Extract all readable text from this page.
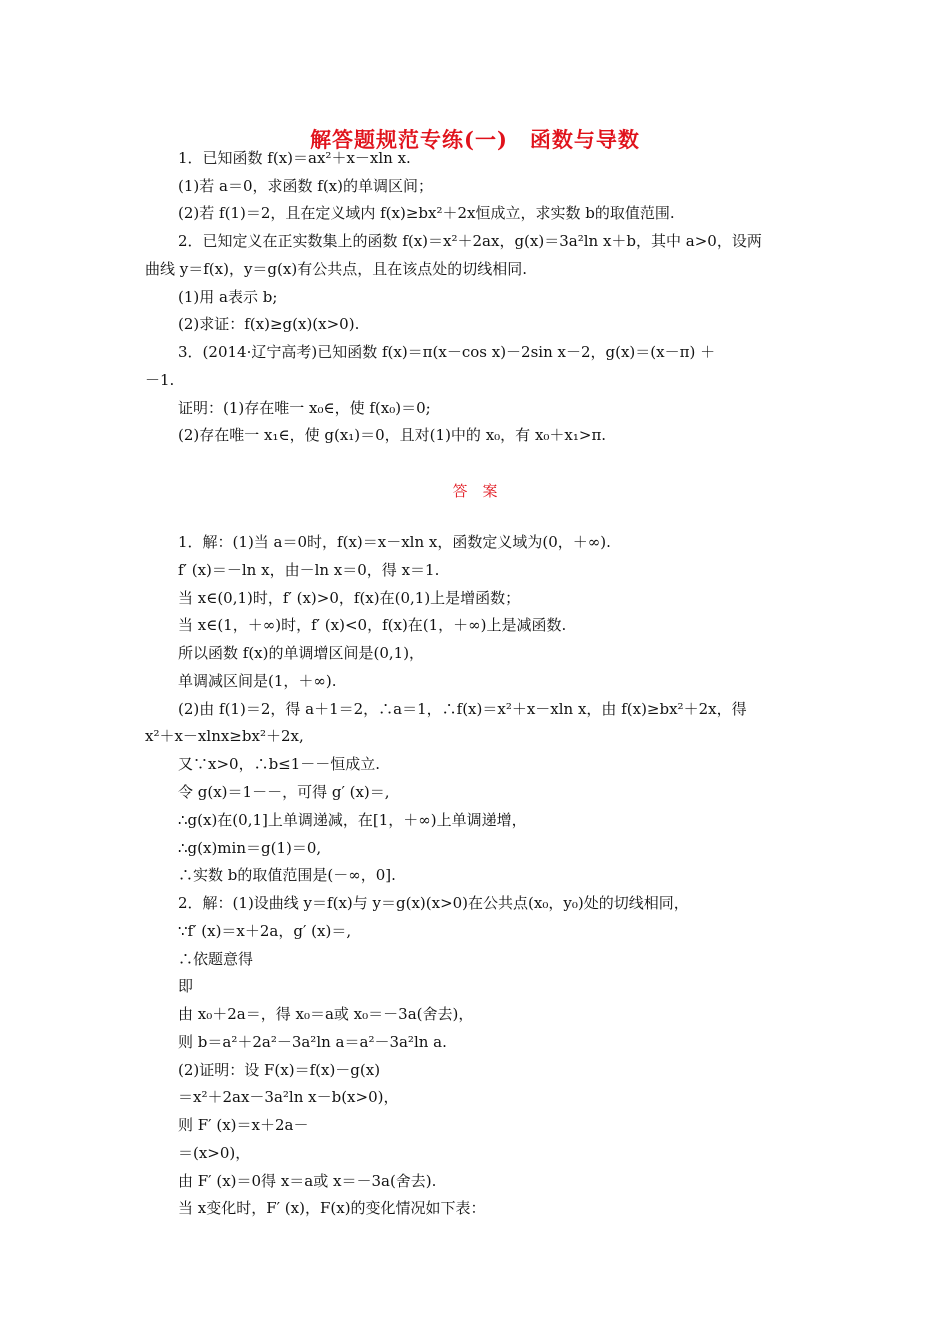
解答题规范专练(一)　函数与导数
1．已知函数 f(x)＝ax²＋x－xln x.
(1)若 a＝0，求函数 f(x)的单调区间；
(2)若 f(1)＝2，且在定义域内 f(x)≥bx²＋2x恒成立，求实数 b的取值范围.
2．已知定义在正实数集上的函数 f(x)＝x²＋2ax，g(x)＝3a²ln x＋b，其中 a>0，设两
曲线 y＝f(x)，y＝g(x)有公共点，且在该点处的切线相同.
(1)用 a表示 b;
(2)求证：f(x)≥g(x)(x>0).
3．(2014·辽宁高考)已知函数 f(x)＝π(x－cos x)－2sin x－2，g(x)＝(x－π) ＋
－1.
证明：(1)存在唯一 x₀∈，使 f(x₀)＝0;
(2)存在唯一 x₁∈，使 g(x₁)＝0，且对(1)中的 x₀，有 x₀＋x₁>π.
答　案
1．解：(1)当 a＝0时，f(x)＝x－xln x，函数定义域为(0，＋∞).
f′ (x)＝－ln x，由－ln x＝0，得 x＝1.
当 x∈(0,1)时，f′ (x)>0，f(x)在(0,1)上是增函数；
当 x∈(1，＋∞)时，f′ (x)<0，f(x)在(1，＋∞)上是减函数.
所以函数 f(x)的单调增区间是(0,1)，
单调减区间是(1，＋∞).
(2)由 f(1)＝2，得 a＋1＝2，∴a＝1，∴f(x)＝x²＋x－xln x，由 f(x)≥bx²＋2x，得
x²＋x－xlnx≥bx²＋2x,
又∵x>0，∴b≤1－－恒成立.
令 g(x)＝1－－，可得 g′ (x)＝,
∴g(x)在(0,1]上单调递减，在[1，＋∞)上单调递增，
∴g(x)min＝g(1)＝0,
∴实数 b的取值范围是(－∞，0].
2．解：(1)设曲线 y＝f(x)与 y＝g(x)(x>0)在公共点(x₀，y₀)处的切线相同，
∵f′ (x)＝x＋2a，g′ (x)＝,
∴依题意得
即
由 x₀＋2a＝，得 x₀＝a或 x₀＝－3a(舍去)，
则 b＝a²＋2a²－3a²ln a＝a²－3a²ln a.
(2)证明：设 F(x)＝f(x)－g(x)
＝x²＋2ax－3a²ln x－b(x>0)，
则 F′ (x)＝x＋2a－
＝(x>0)，
由 F′ (x)＝0得 x＝a或 x＝－3a(舍去).
当 x变化时，F′ (x)，F(x)的变化情况如下表：
